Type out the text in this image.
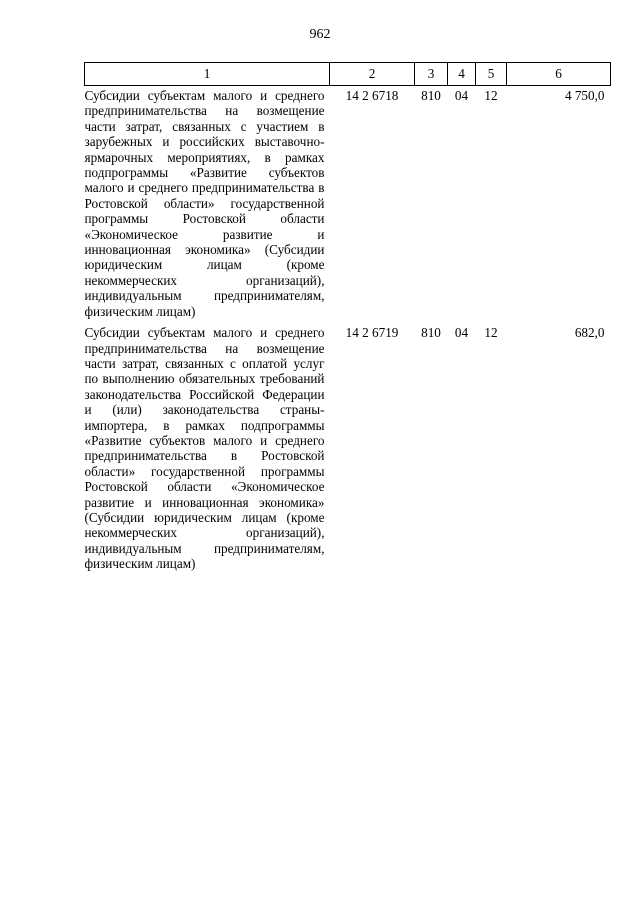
962
1	2	3	4	5	6
Субсидии субъектам малого и среднего предпринимательства на возмещение части затрат, связанных с участием в зарубежных и российских выставочно-ярмарочных мероприятиях, в рамках подпрограммы «Развитие субъектов малого и среднего предпринимательства в Ростовской области» государственной программы Ростовской области «Экономическое развитие и инновационная экономика» (Субсидии юридическим лицам (кроме некоммерческих организаций), индивидуальным предпринимателям, физическим лицам)	14 2 6718	810	04	12	4 750,0
Субсидии субъектам малого и среднего предпринимательства на возмещение части затрат, связанных с оплатой услуг по выполнению обязательных требований законодательства Российской Федерации и (или) законодательства страны-импортера, в рамках подпрограммы «Развитие субъектов малого и среднего предпринимательства в Ростовской области» государственной программы Ростовской области «Экономическое развитие и инновационная экономика» (Субсидии юридическим лицам (кроме некоммерческих организаций), индивидуальным предпринимателям, физическим лицам)	14 2 6719	810	04	12	682,0
